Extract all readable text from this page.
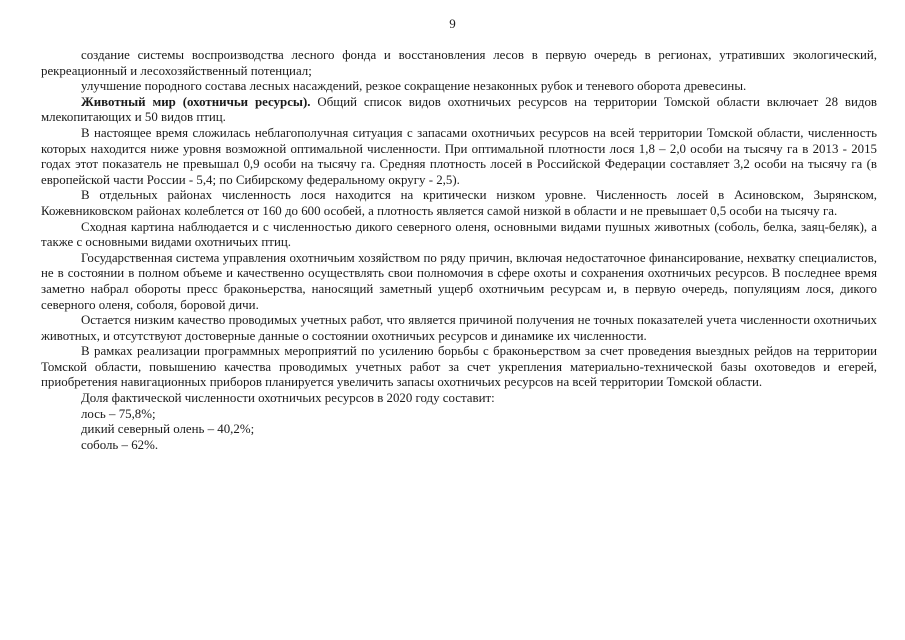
9

создание системы воспроизводства лесного фонда и восстановления лесов в первую очередь в регионах, утративших экологический, рекреационный и лесохозяйственный потенциал;

улучшение породного состава лесных насаждений, резкое сокращение незаконных рубок и теневого оборота древесины.

Животный мир (охотничьи ресурсы). Общий список видов охотничьих ресурсов на территории Томской области включает 28 видов млекопитающих и 50 видов птиц.

В настоящее время сложилась неблагополучная ситуация с запасами охотничьих ресурсов на всей территории Томской области, численность которых находится ниже уровня возможной оптимальной численности. При оптимальной плотности лося 1,8 – 2,0 особи на тысячу га в 2013 - 2015 годах этот показатель не превышал 0,9 особи на тысячу га. Средняя плотность лосей в Российской Федерации составляет 3,2 особи на тысячу га (в европейской части России - 5,4; по Сибирскому федеральному округу - 2,5).

В отдельных районах численность лося находится на критически низком уровне. Численность лосей в Асиновском, Зырянском, Кожевниковском районах колеблется от 160 до 600 особей, а плотность является самой низкой в области и не превышает 0,5 особи на тысячу га.

Сходная картина наблюдается и с численностью дикого северного оленя, основными видами пушных животных (соболь, белка, заяц-беляк), а также с основными видами охотничьих птиц.

Государственная система управления охотничьим хозяйством по ряду причин, включая недостаточное финансирование, нехватку специалистов, не в состоянии в полном объеме и качественно осуществлять свои полномочия в сфере охоты и сохранения охотничьих ресурсов. В последнее время заметно набрал обороты пресс браконьерства, наносящий заметный ущерб охотничьим ресурсам и, в первую очередь, популяциям лося, дикого северного оленя, соболя, боровой дичи.

Остается низким качество проводимых учетных работ, что является причиной получения не точных показателей учета численности охотничьих животных, и отсутствуют достоверные данные о состоянии охотничьих ресурсов и динамике их численности.

В рамках реализации программных мероприятий по усилению борьбы с браконьерством за счет проведения выездных рейдов на территории Томской области, повышению качества проводимых учетных работ за счет укрепления материально-технической базы охотоведов и егерей, приобретения навигационных приборов планируется увеличить запасы охотничьих ресурсов на всей территории Томской области.

Доля фактической численности охотничьих ресурсов в 2020 году составит:

лось – 75,8%;
дикий северный олень – 40,2%;
соболь – 62%.
